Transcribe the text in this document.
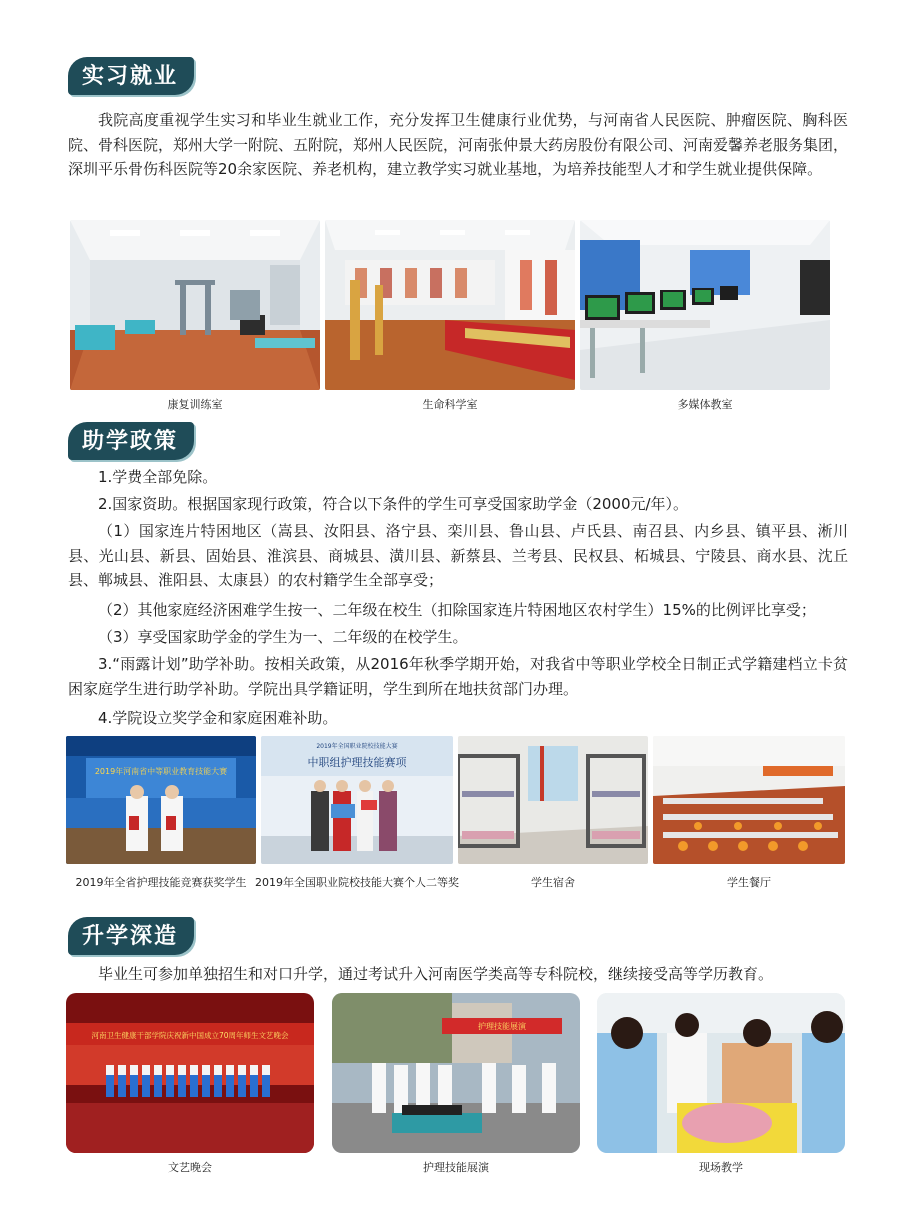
实习就业

我院高度重视学生实习和毕业生就业工作，充分发挥卫生健康行业优势，与河南省人民医院、肿瘤医院、胸科医院、骨科医院，郑州大学一附院、五附院，郑州人民医院，河南张仲景大药房股份有限公司、河南爱馨养老服务集团，深圳平乐骨伤科医院等20余家医院、养老机构，建立教学实习就业基地，为培养技能型人才和学生就业提供保障。

康复训练室	生命科学室	多媒体教室
助学政策

1.学费全部免除。

2.国家资助。根据国家现行政策，符合以下条件的学生可享受国家助学金（2000元/年）。

（1）国家连片特困地区（嵩县、汝阳县、洛宁县、栾川县、鲁山县、卢氏县、南召县、内乡县、镇平县、淅川县、光山县、新县、固始县、淮滨县、商城县、潢川县、新蔡县、兰考县、民权县、柘城县、宁陵县、商水县、沈丘县、郸城县、淮阳县、太康县）的农村籍学生全部享受；

（2）其他家庭经济困难学生按一、二年级在校生（扣除国家连片特困地区农村学生）15%的比例评比享受；

（3）享受国家助学金的学生为一、二年级的在校学生。

3.“雨露计划”助学补助。按相关政策，从2016年秋季学期开始，对我省中等职业学校全日制正式学籍建档立卡贫困家庭学生进行助学补助。学院出具学籍证明，学生到所在地扶贫部门办理。

4.学院设立奖学金和家庭困难补助。

2019年河南省中等职业教育技能大赛
2019年全国职业院校技能大赛
中职组护理技能赛项
2019年全省护理技能竞赛获奖学生 2019年全国职业院校技能大赛个人二等奖	学生宿舍	学生餐厅
升学深造

毕业生可参加单独招生和对口升学，通过考试升入河南医学类高等专科院校，继续接受高等学历教育。

河南卫生健康干部学院庆祝新中国成立70周年师生文艺晚会
护理技能展演
文艺晚会	护理技能展演	现场教学
